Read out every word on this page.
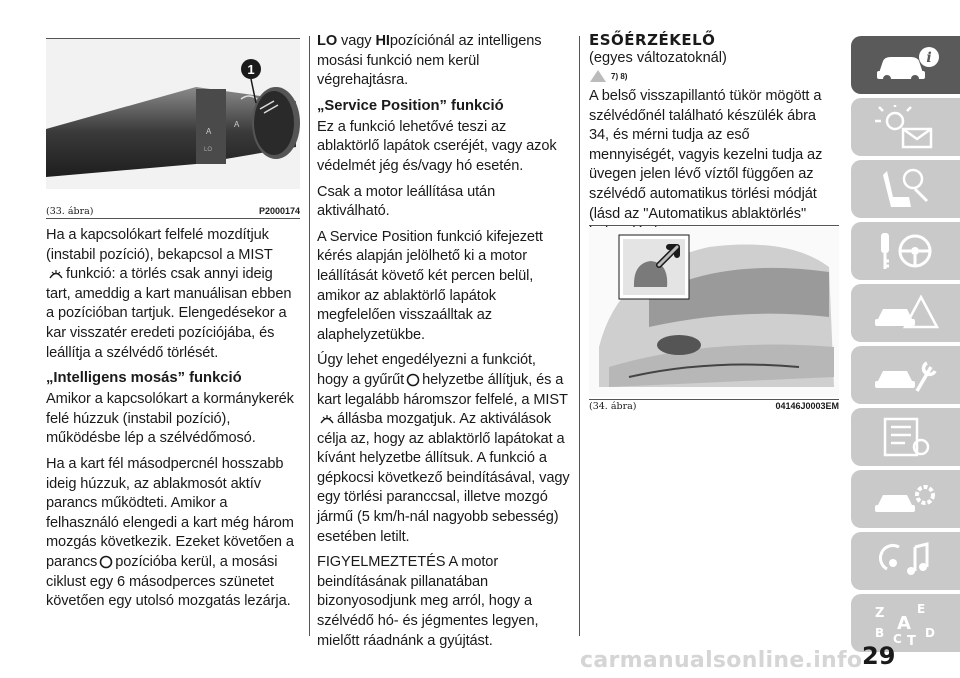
A
LO
A
1
(33. ábra)	P2000174

Ha a kapcsolókart felfelé mozdítjuk (instabil pozíció), bekapcsol a MIST
funkció: a törlés csak annyi ideig tart, ameddig a kart manuálisan ebben a pozícióban tartjuk. Elengedésekor a kar visszatér eredeti pozíciójába, és leállítja a szélvédő törlését.

„Intelligens mosás” funkció

Amikor a kapcsolókart a kormánykerék felé húzzuk (instabil pozíció), működésbe lép a szélvédőmosó.

Ha a kart fél másodpercnél hosszabb ideig húzzuk, az ablakmosót aktív parancs működteti. Amikor a felhasználó elengedi a kart még három mozgás következik. Ezeket követően a parancs pozícióba kerül, a mosási ciklust egy 6 másodperces szünetet követően egy utolsó mozgatás lezárja.

LO vagy HIpozíciónál az intelligens mosási funkció nem kerül végrehajtásra.

„Service Position” funkció

Ez a funkció lehetővé teszi az ablaktörlő lapátok cseréjét, vagy azok védelmét jég és/vagy hó esetén.

Csak a motor leállítása után aktiválható.

A Service Position funkció kifejezett kérés alapján jelölhető ki a motor leállítását követő két percen belül, amikor az ablaktörlő lapátok megfelelően visszaálltak az alaphelyzetükbe.

Úgy lehet engedélyezni a funkciót, hogy a gyűrűt helyzetbe állítjuk, és a kart legalább háromszor felfelé, a MIST
állásba mozgatjuk. Az aktiválások célja az, hogy az ablaktörlő lapátokat a kívánt helyzetbe állítsuk. A funkció a gépkocsi következő beindításával, vagy egy törlési paranccsal, illetve mozgó jármű (5 km/h-nál nagyobb sebesség) esetében letilt.

FIGYELMEZTETÉS A motor beindításának pillanatában bizonyosodjunk meg arról, hogy a szélvédő hó- és jégmentes legyen, mielőtt ráadnánk a gyújtást.

ESŐÉRZÉKELŐ
(egyes változatoknál)
7) 8)

A belső visszapillantó tükör mögött a szélvédőnél található készülék ábra 34, és mérni tudja az eső mennyiségét, vagyis kezelni tudja az üvegen jelen lévő víztől függően az szélvédő automatikus törlési módját (lásd az "Automatikus ablaktörlés"

(34. ábra)	04146J0003EM
i
Z	E
B A
C T
D
29
carmanualsonline.info
